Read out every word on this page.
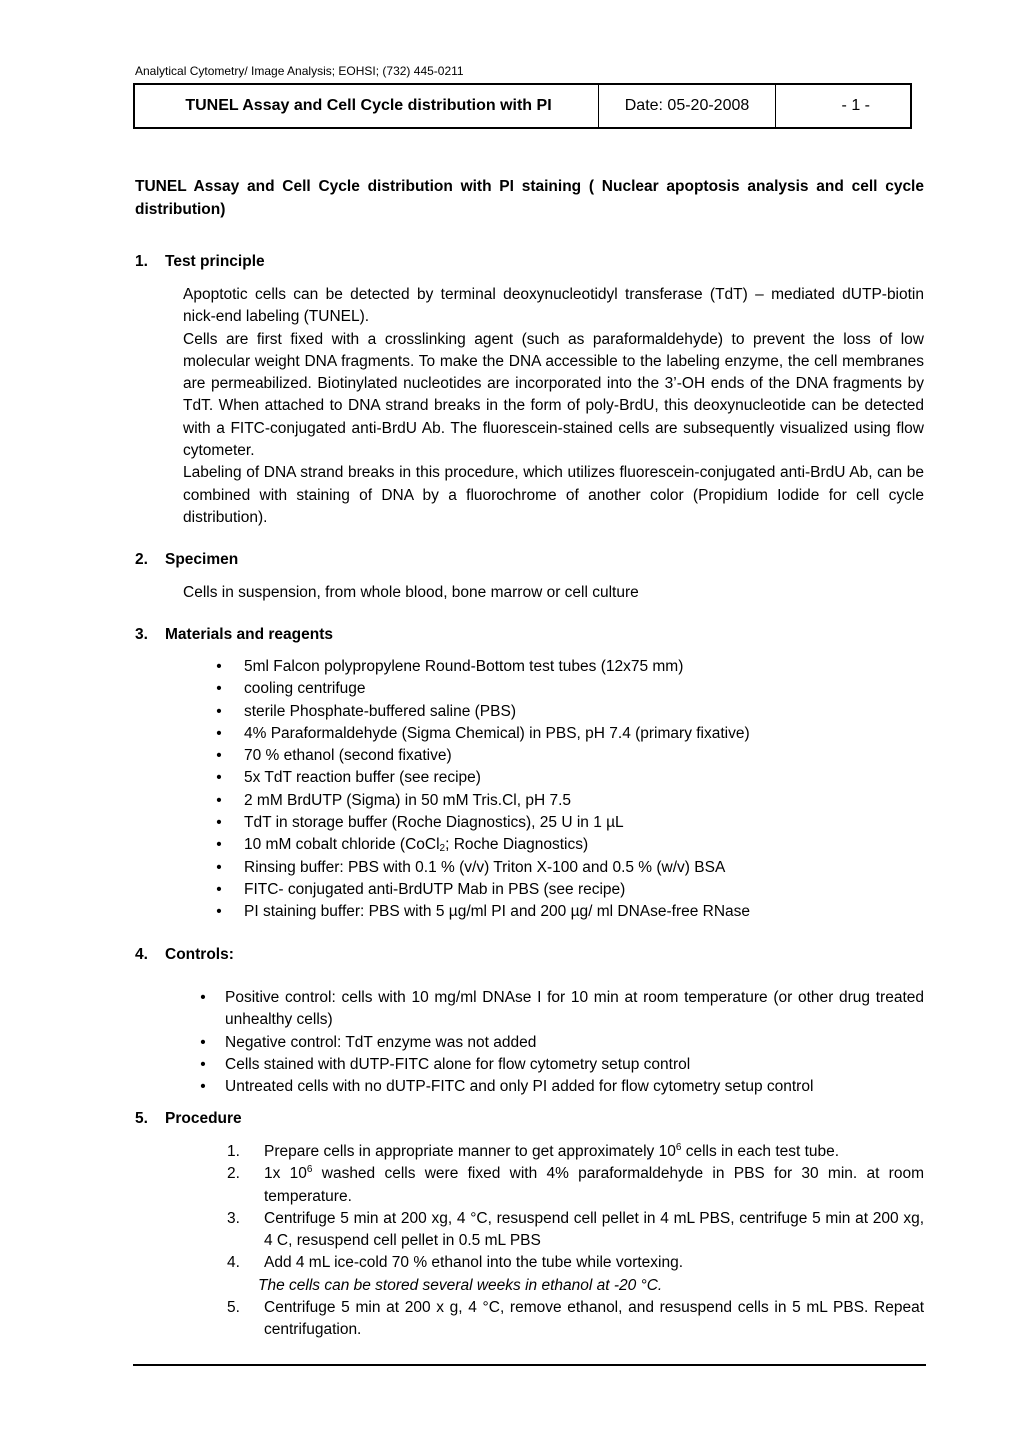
Analytical Cytometry/ Image Analysis; EOHSI; (732) 445-0211
TUNEL Assay and Cell Cycle distribution with PI	Date: 05-20-2008	- 1 -
TUNEL Assay and Cell Cycle distribution with PI staining ( Nuclear apoptosis analysis and cell cycle distribution)
1.	Test principle

Apoptotic cells can be detected by terminal deoxynucleotidyl transferase (TdT) – mediated dUTP-biotin nick-end labeling (TUNEL).

Cells are first fixed with a crosslinking agent (such as paraformaldehyde) to prevent the loss of low molecular weight DNA fragments. To make the DNA accessible to the labeling enzyme, the cell membranes are permeabilized. Biotinylated nucleotides are incorporated into the 3’-OH ends of the DNA fragments by TdT. When attached to DNA strand breaks in the form of poly-BrdU, this deoxynucleotide can be detected with a FITC-conjugated anti-BrdU Ab. The fluorescein-stained cells are subsequently visualized using flow cytometer.

Labeling of DNA strand breaks in this procedure, which utilizes fluorescein-conjugated anti-BrdU Ab, can be combined with staining of DNA by a fluorochrome of another color (Propidium Iodide for cell cycle distribution).

2.	Specimen
Cells in suspension, from whole blood, bone marrow or cell culture
3.	Materials and reagents
• 5ml Falcon polypropylene Round-Bottom test tubes (12x75 mm)
• cooling centrifuge
• sterile Phosphate-buffered saline (PBS)
• 4% Paraformaldehyde (Sigma Chemical) in PBS, pH 7.4 (primary fixative)
• 70 % ethanol (second fixative)
• 5x TdT reaction buffer (see recipe)
• 2 mM BrdUTP (Sigma) in 50 mM Tris.Cl, pH 7.5
• TdT in storage buffer (Roche Diagnostics), 25 U in 1 µL
• 10 mM cobalt chloride (CoCl$_2$; Roche Diagnostics)
• Rinsing buffer: PBS with 0.1 % (v/v) Triton X-100 and 0.5 % (w/v) BSA
• FITC- conjugated anti-BrdUTP Mab in PBS (see recipe)
• PI staining buffer: PBS with 5 µg/ml PI and 200 µg/ ml DNAse-free RNase
4.	Controls:
• Positive control: cells with 10 mg/ml DNAse I for 10 min at room temperature (or other drug treated unhealthy cells)
• Negative control: TdT enzyme was not added
• Cells stained with dUTP-FITC alone for flow cytometry setup control
• Untreated cells with no dUTP-FITC and only PI added for flow cytometry setup control
5.	Procedure
1. Prepare cells in appropriate manner to get approximately $10^6$ cells in each test tube.
2. 1x $10^6$ washed cells were fixed with 4% paraformaldehyde in PBS for 30 min. at room temperature.
3. Centrifuge 5 min at 200 xg, 4 °C, resuspend cell pellet in 4 mL PBS, centrifuge 5 min at 200 xg, 4 C, resuspend cell pellet in 0.5 mL PBS
4. Add 4 mL ice-cold 70 % ethanol into the tube while vortexing.
The cells can be stored several weeks in ethanol at -20 °C.
5. Centrifuge 5 min at 200 x g, 4 °C, remove ethanol, and resuspend cells in 5 mL PBS. Repeat centrifugation.
